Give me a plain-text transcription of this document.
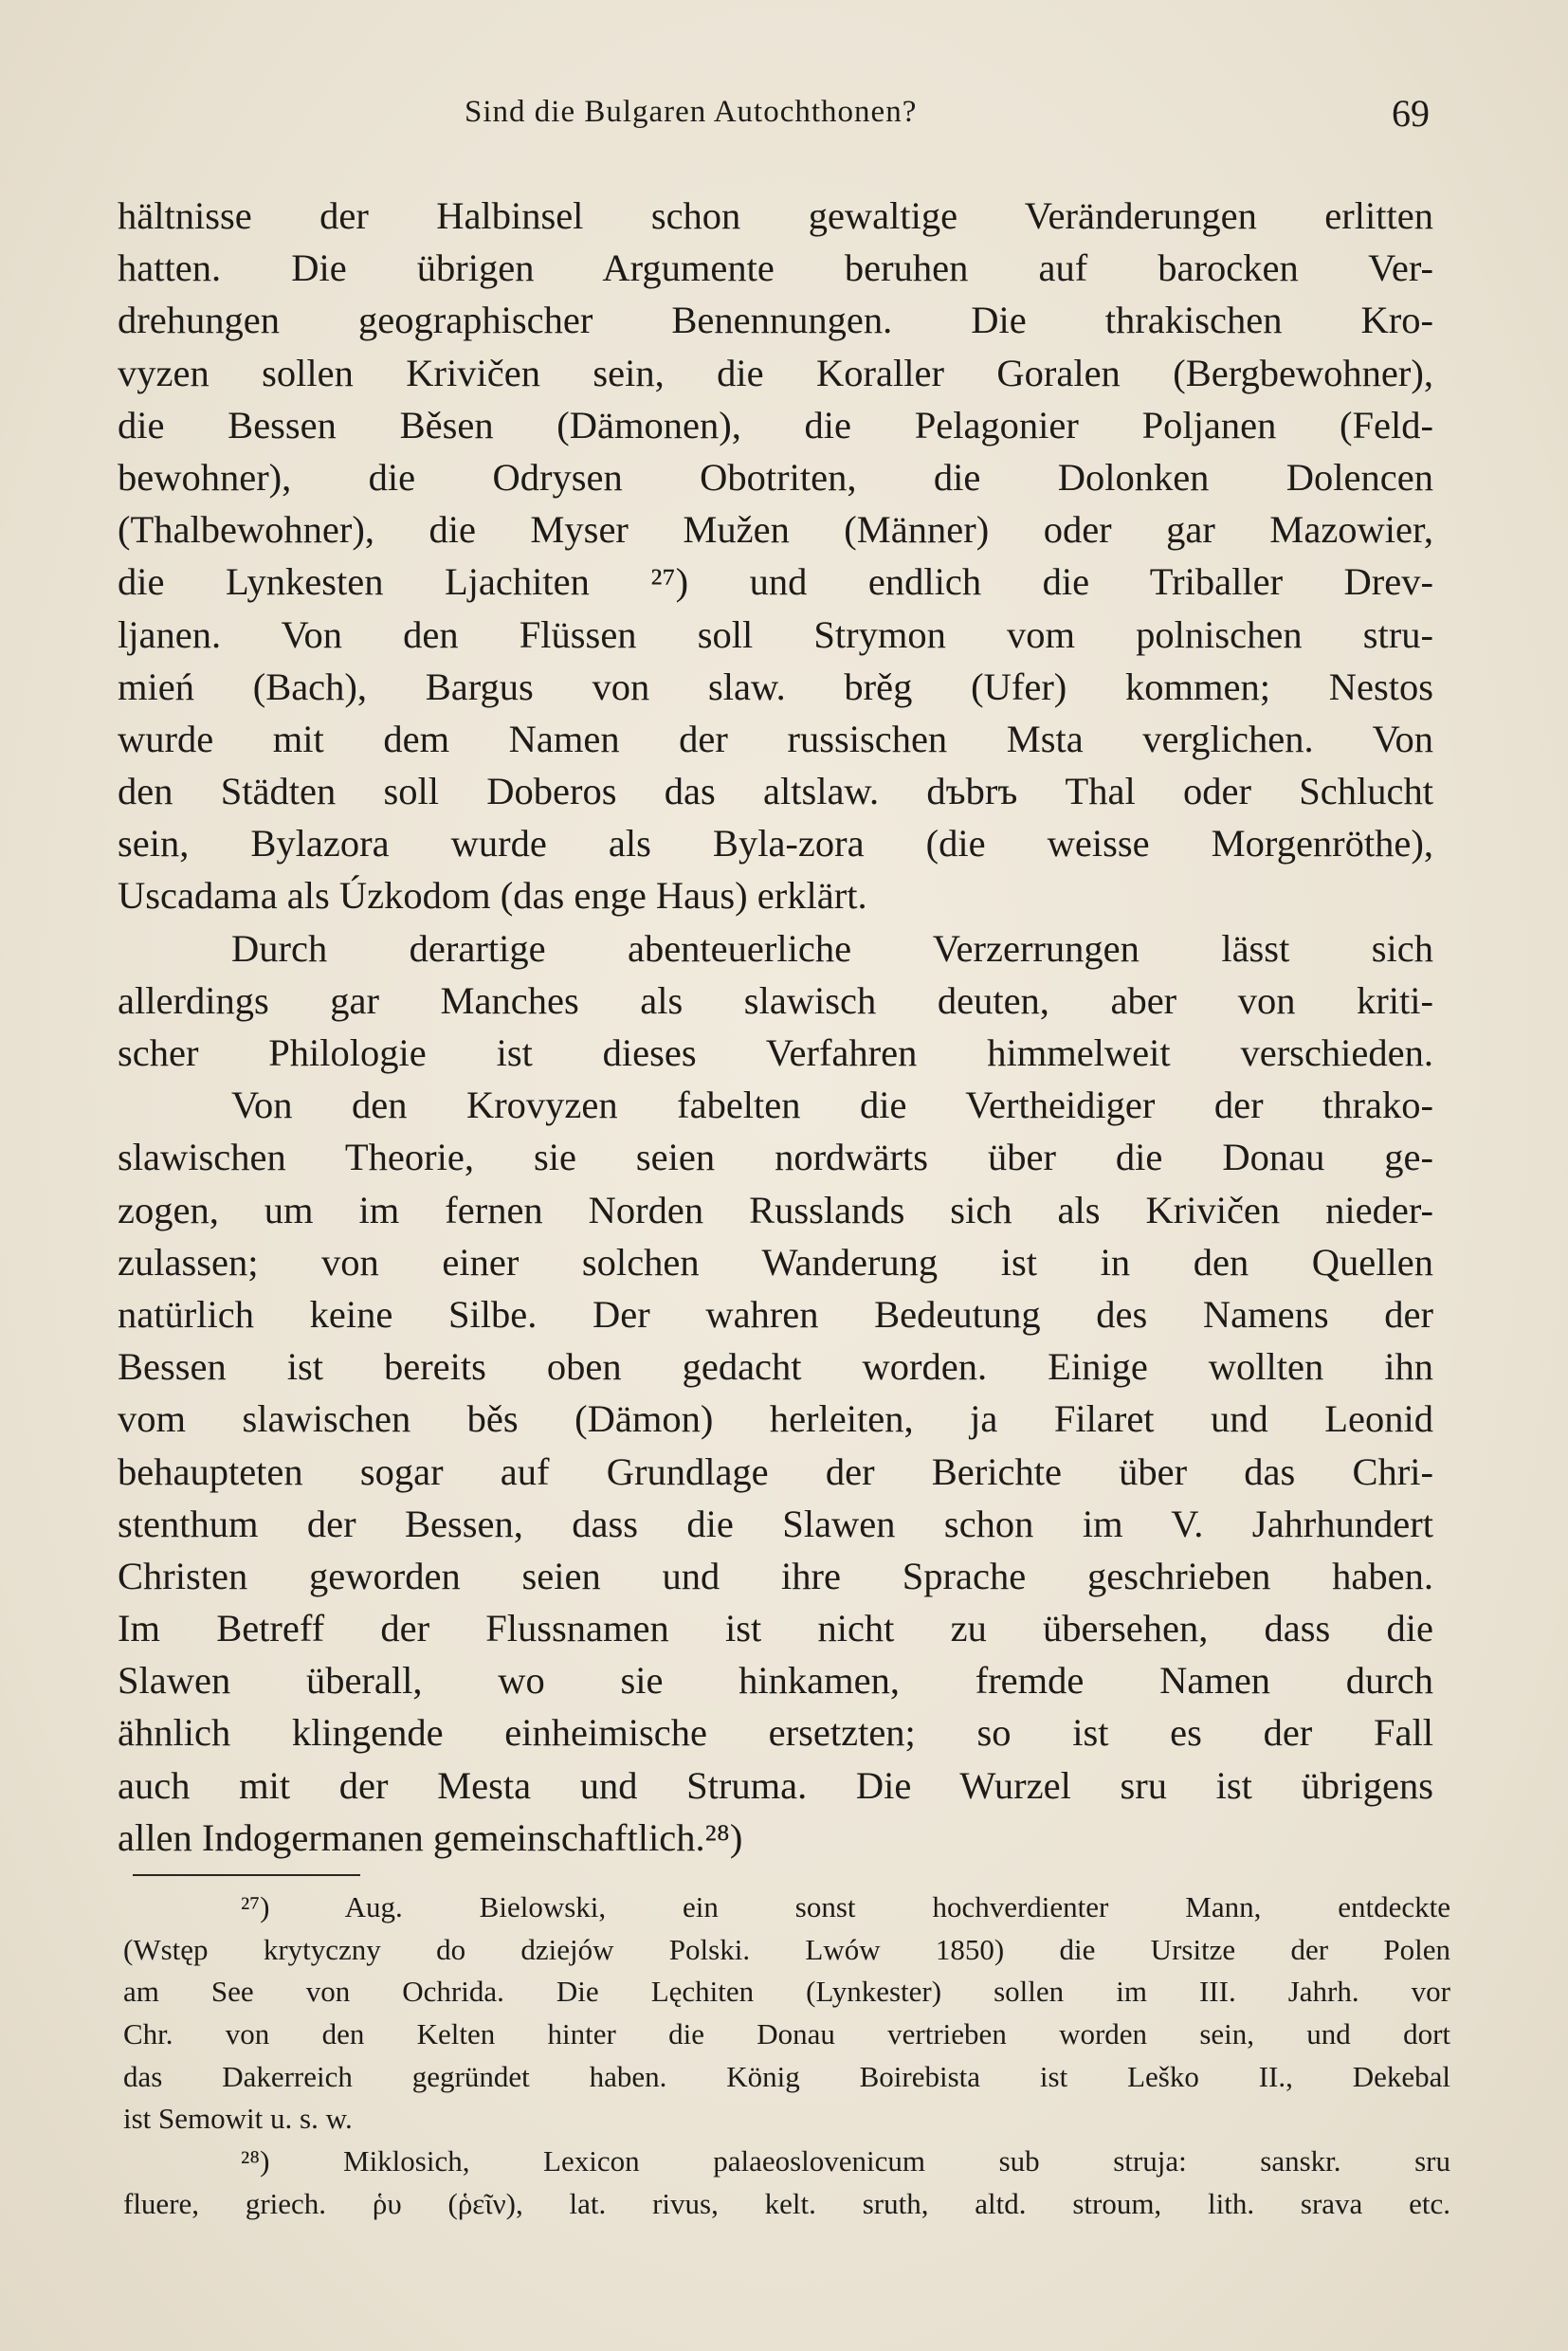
Sind die Bulgaren Autochthonen?	69
hältnisse der Halbinsel schon gewaltige Veränderungen erlitten
hatten. Die übrigen Argumente beruhen auf barocken Ver-
drehungen geographischer Benennungen. Die thrakischen Kro-
vyzen sollen Krivičen sein, die Koraller Goralen (Bergbewohner),
die Bessen Běsen (Dämonen), die Pelagonier Poljanen (Feld-
bewohner), die Odrysen Obotriten, die Dolonken Dolencen
(Thalbewohner), die Myser Mužen (Männer) oder gar Mazowier,
die Lynkesten Ljachiten ²⁷) und endlich die Triballer Drev-
ljanen. Von den Flüssen soll Strymon vom polnischen stru-
mień (Bach), Bargus von slaw. brěg (Ufer) kommen; Nestos
wurde mit dem Namen der russischen Msta verglichen. Von
den Städten soll Doberos das altslaw. dъbrъ Thal oder Schlucht
sein, Bylazora wurde als Byla-zora (die weisse Morgenröthe),
Uscadama als Úzkodom (das enge Haus) erklärt.
Durch derartige abenteuerliche Verzerrungen lässt sich
allerdings gar Manches als slawisch deuten, aber von kriti-
scher Philologie ist dieses Verfahren himmelweit verschieden.
Von den Krovyzen fabelten die Vertheidiger der thrako-
slawischen Theorie, sie seien nordwärts über die Donau ge-
zogen, um im fernen Norden Russlands sich als Krivičen nieder-
zulassen; von einer solchen Wanderung ist in den Quellen
natürlich keine Silbe. Der wahren Bedeutung des Namens der
Bessen ist bereits oben gedacht worden. Einige wollten ihn
vom slawischen běs (Dämon) herleiten, ja Filaret und Leonid
behaupteten sogar auf Grundlage der Berichte über das Chri-
stenthum der Bessen, dass die Slawen schon im V. Jahrhundert
Christen geworden seien und ihre Sprache geschrieben haben.
Im Betreff der Flussnamen ist nicht zu übersehen, dass die
Slawen überall, wo sie hinkamen, fremde Namen durch
ähnlich klingende einheimische ersetzten; so ist es der Fall
auch mit der Mesta und Struma. Die Wurzel sru ist übrigens
allen Indogermanen gemeinschaftlich.²⁸)
²⁷) Aug. Bielowski, ein sonst hochverdienter Mann, entdeckte
(Wstęp krytyczny do dziejów Polski. Lwów 1850) die Ursitze der Polen
am See von Ochrida. Die Lęchiten (Lynkester) sollen im III. Jahrh. vor
Chr. von den Kelten hinter die Donau vertrieben worden sein, und dort
das Dakerreich gegründet haben. König Boirebista ist Leško II., Dekebal
ist Semowit u. s. w.
²⁸) Miklosich, Lexicon palaeoslovenicum sub struja: sanskr. sru
fluere, griech. ῥυ (ῥεῖν), lat. rivus, kelt. sruth, altd. stroum, lith. srava etc.
